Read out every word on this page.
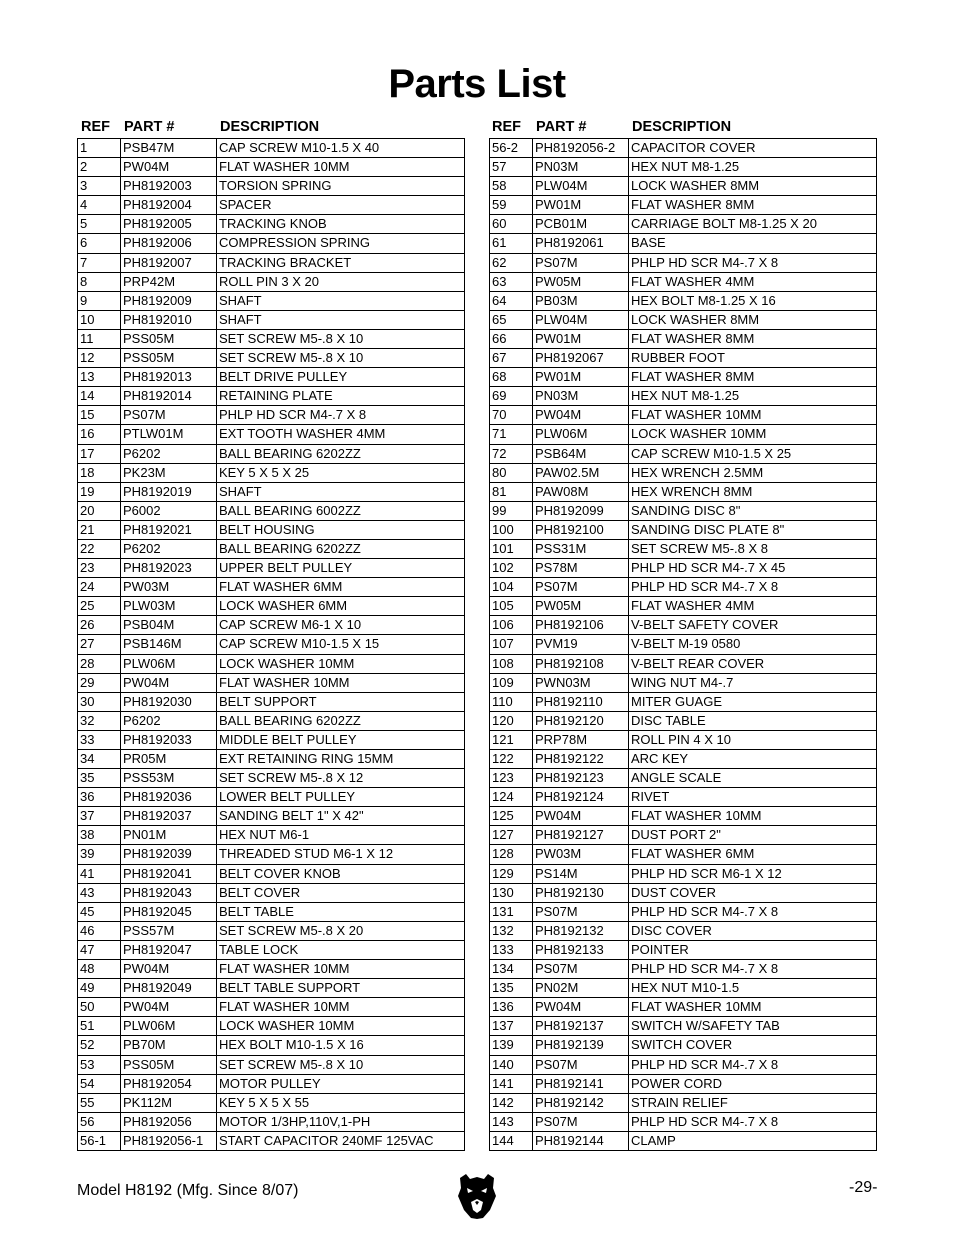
Parts List
REF PART #	DESCRIPTION
1	PSB47M	CAP SCREW M10-1.5 X 40
2	PW04M	FLAT WASHER 10MM
3	PH8192003	TORSION SPRING
4	PH8192004	SPACER
5	PH8192005	TRACKING KNOB
6	PH8192006	COMPRESSION SPRING
7	PH8192007	TRACKING BRACKET
8	PRP42M	ROLL PIN 3 X 20
9	PH8192009	SHAFT
10	PH8192010	SHAFT
11	PSS05M	SET SCREW M5-.8 X 10
12	PSS05M	SET SCREW M5-.8 X 10
13	PH8192013	BELT DRIVE PULLEY
14	PH8192014	RETAINING PLATE
15	PS07M	PHLP HD SCR M4-.7 X 8
16	PTLW01M	EXT TOOTH WASHER 4MM
17	P6202	BALL BEARING 6202ZZ
18	PK23M	KEY 5 X 5 X 25
19	PH8192019	SHAFT
20	P6002	BALL BEARING 6002ZZ
21	PH8192021	BELT HOUSING
22	P6202	BALL BEARING 6202ZZ
23	PH8192023	UPPER BELT PULLEY
24	PW03M	FLAT WASHER 6MM
25	PLW03M	LOCK WASHER 6MM
26	PSB04M	CAP SCREW M6-1 X 10
27	PSB146M	CAP SCREW M10-1.5 X 15
28	PLW06M	LOCK WASHER 10MM
29	PW04M	FLAT WASHER 10MM
30	PH8192030	BELT SUPPORT
32	P6202	BALL BEARING 6202ZZ
33	PH8192033	MIDDLE BELT PULLEY
34	PR05M	EXT RETAINING RING 15MM
35	PSS53M	SET SCREW M5-.8 X 12
36	PH8192036	LOWER BELT PULLEY
37	PH8192037	SANDING BELT 1" X 42"
38	PN01M	HEX NUT M6-1
39	PH8192039	THREADED STUD M6-1 X 12
41	PH8192041	BELT COVER KNOB
43	PH8192043	BELT COVER
45	PH8192045	BELT TABLE
46	PSS57M	SET SCREW M5-.8 X 20
47	PH8192047	TABLE LOCK
48	PW04M	FLAT WASHER 10MM
49	PH8192049	BELT TABLE SUPPORT
50	PW04M	FLAT WASHER 10MM
51	PLW06M	LOCK WASHER 10MM
52	PB70M	HEX BOLT M10-1.5 X 16
53	PSS05M	SET SCREW M5-.8 X 10
54	PH8192054	MOTOR PULLEY
55	PK112M	KEY 5 X 5 X 55
56	PH8192056	MOTOR 1/3HP,110V,1-PH
56-1	PH8192056-1	START CAPACITOR 240MF 125VAC
REF PART #	DESCRIPTION
56-2	PH8192056-2	CAPACITOR COVER
57	PN03M	HEX NUT M8-1.25
58	PLW04M	LOCK WASHER 8MM
59	PW01M	FLAT WASHER 8MM
60	PCB01M	CARRIAGE BOLT M8-1.25 X 20
61	PH8192061	BASE
62	PS07M	PHLP HD SCR M4-.7 X 8
63	PW05M	FLAT WASHER 4MM
64	PB03M	HEX BOLT M8-1.25 X 16
65	PLW04M	LOCK WASHER 8MM
66	PW01M	FLAT WASHER 8MM
67	PH8192067	RUBBER FOOT
68	PW01M	FLAT WASHER 8MM
69	PN03M	HEX NUT M8-1.25
70	PW04M	FLAT WASHER 10MM
71	PLW06M	LOCK WASHER 10MM
72	PSB64M	CAP SCREW M10-1.5 X 25
80	PAW02.5M	HEX WRENCH 2.5MM
81	PAW08M	HEX WRENCH 8MM
99	PH8192099	SANDING DISC 8"
100	PH8192100	SANDING DISC PLATE 8"
101	PSS31M	SET SCREW M5-.8 X 8
102	PS78M	PHLP HD SCR M4-.7 X 45
104	PS07M	PHLP HD SCR M4-.7 X 8
105	PW05M	FLAT WASHER 4MM
106	PH8192106	V-BELT SAFETY COVER
107	PVM19	V-BELT M-19 0580
108	PH8192108	V-BELT REAR COVER
109	PWN03M	WING NUT M4-.7
110	PH8192110	MITER GUAGE
120	PH8192120	DISC TABLE
121	PRP78M	ROLL PIN 4 X 10
122	PH8192122	ARC KEY
123	PH8192123	ANGLE SCALE
124	PH8192124	RIVET
125	PW04M	FLAT WASHER 10MM
127	PH8192127	DUST PORT 2"
128	PW03M	FLAT WASHER 6MM
129	PS14M	PHLP HD SCR M6-1 X 12
130	PH8192130	DUST COVER
131	PS07M	PHLP HD SCR M4-.7 X 8
132	PH8192132	DISC COVER
133	PH8192133	POINTER
134	PS07M	PHLP HD SCR M4-.7 X 8
135	PN02M	HEX NUT M10-1.5
136	PW04M	FLAT WASHER 10MM
137	PH8192137	SWITCH W/SAFETY TAB
139	PH8192139	SWITCH COVER
140	PS07M	PHLP HD SCR M4-.7 X 8
141	PH8192141	POWER CORD
142	PH8192142	STRAIN RELIEF
143	PS07M	PHLP HD SCR M4-.7 X 8
144	PH8192144	CLAMP
Model H8192 (Mfg. Since 8/07)	-29-
